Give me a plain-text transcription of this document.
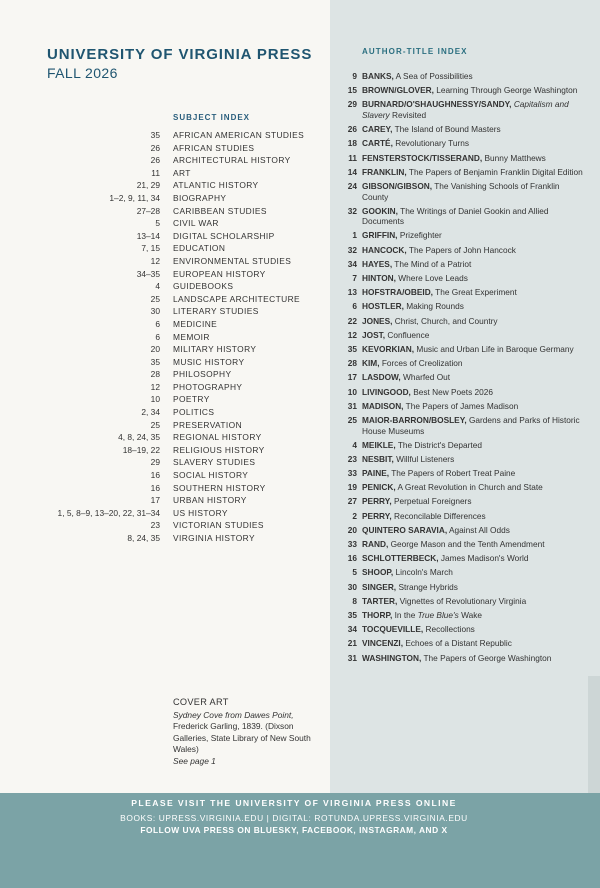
UNIVERSITY OF VIRGINIA PRESS
FALL 2026
SUBJECT INDEX
35 AFRICAN AMERICAN STUDIES
26 AFRICAN STUDIES
26 ARCHITECTURAL HISTORY
11 ART
21, 29 ATLANTIC HISTORY
1–2, 9, 11, 34 BIOGRAPHY
27–28 CARIBBEAN STUDIES
5 CIVIL WAR
13–14 DIGITAL SCHOLARSHIP
7, 15 EDUCATION
12 ENVIRONMENTAL STUDIES
34–35 EUROPEAN HISTORY
4 GUIDEBOOKS
25 LANDSCAPE ARCHITECTURE
30 LITERARY STUDIES
6 MEDICINE
6 MEMOIR
20 MILITARY HISTORY
35 MUSIC HISTORY
28 PHILOSOPHY
12 PHOTOGRAPHY
10 POETRY
2, 34 POLITICS
25 PRESERVATION
4, 8, 24, 35 REGIONAL HISTORY
18–19, 22 RELIGIOUS HISTORY
29 SLAVERY STUDIES
16 SOCIAL HISTORY
16 SOUTHERN HISTORY
17 URBAN HISTORY
1, 5, 8–9, 13–20, 22, 31–34 US HISTORY
23 VICTORIAN STUDIES
8, 24, 35 VIRGINIA HISTORY
COVER ART
Sydney Cove from Dawes Point, Frederick Garling, 1839. (Dixson Galleries, State Library of New South Wales)
See page 1
AUTHOR-TITLE INDEX
9 BANKS, A Sea of Possibilities
15 BROWN/GLOVER, Learning Through George Washington
29 BURNARD/O'SHAUGHNESSY/SANDY, Capitalism and Slavery Revisited
26 CAREY, The Island of Bound Masters
18 CARTÉ, Revolutionary Turns
11 FENSTERSTOCK/TISSERAND, Bunny Matthews
14 FRANKLIN, The Papers of Benjamin Franklin Digital Edition
24 GIBSON/GIBSON, The Vanishing Schools of Franklin County
32 GOOKIN, The Writings of Daniel Gookin and Allied Documents
1 GRIFFIN, Prizefighter
32 HANCOCK, The Papers of John Hancock
34 HAYES, The Mind of a Patriot
7 HINTON, Where Love Leads
13 HOFSTRA/OBEID, The Great Experiment
6 HOSTLER, Making Rounds
22 JONES, Christ, Church, and Country
12 JOST, Confluence
35 KEVORKIAN, Music and Urban Life in Baroque Germany
28 KIM, Forces of Creolization
17 LASDOW, Wharfed Out
10 LIVINGOOD, Best New Poets 2026
31 MADISON, The Papers of James Madison
25 MAIOR-BARRON/BOSLEY, Gardens and Parks of Historic House Museums
4 MEIKLE, The District's Departed
23 NESBIT, Willful Listeners
33 PAINE, The Papers of Robert Treat Paine
19 PENICK, A Great Revolution in Church and State
27 PERRY, Perpetual Foreigners
2 PERRY, Reconcilable Differences
20 QUINTERO SARAVIA, Against All Odds
33 RAND, George Mason and the Tenth Amendment
16 SCHLOTTERBECK, James Madison's World
5 SHOOP, Lincoln's March
30 SINGER, Strange Hybrids
8 TARTER, Vignettes of Revolutionary Virginia
35 THORP, In the True Blue's Wake
34 TOCQUEVILLE, Recollections
21 VINCENZI, Echoes of a Distant Republic
31 WASHINGTON, The Papers of George Washington
PLEASE VISIT THE UNIVERSITY OF VIRGINIA PRESS ONLINE
BOOKS: UPRESS.VIRGINIA.EDU | DIGITAL: ROTUNDA.UPRESS.VIRGINIA.EDU
FOLLOW UVA PRESS ON BLUESKY, FACEBOOK, INSTAGRAM, AND X
